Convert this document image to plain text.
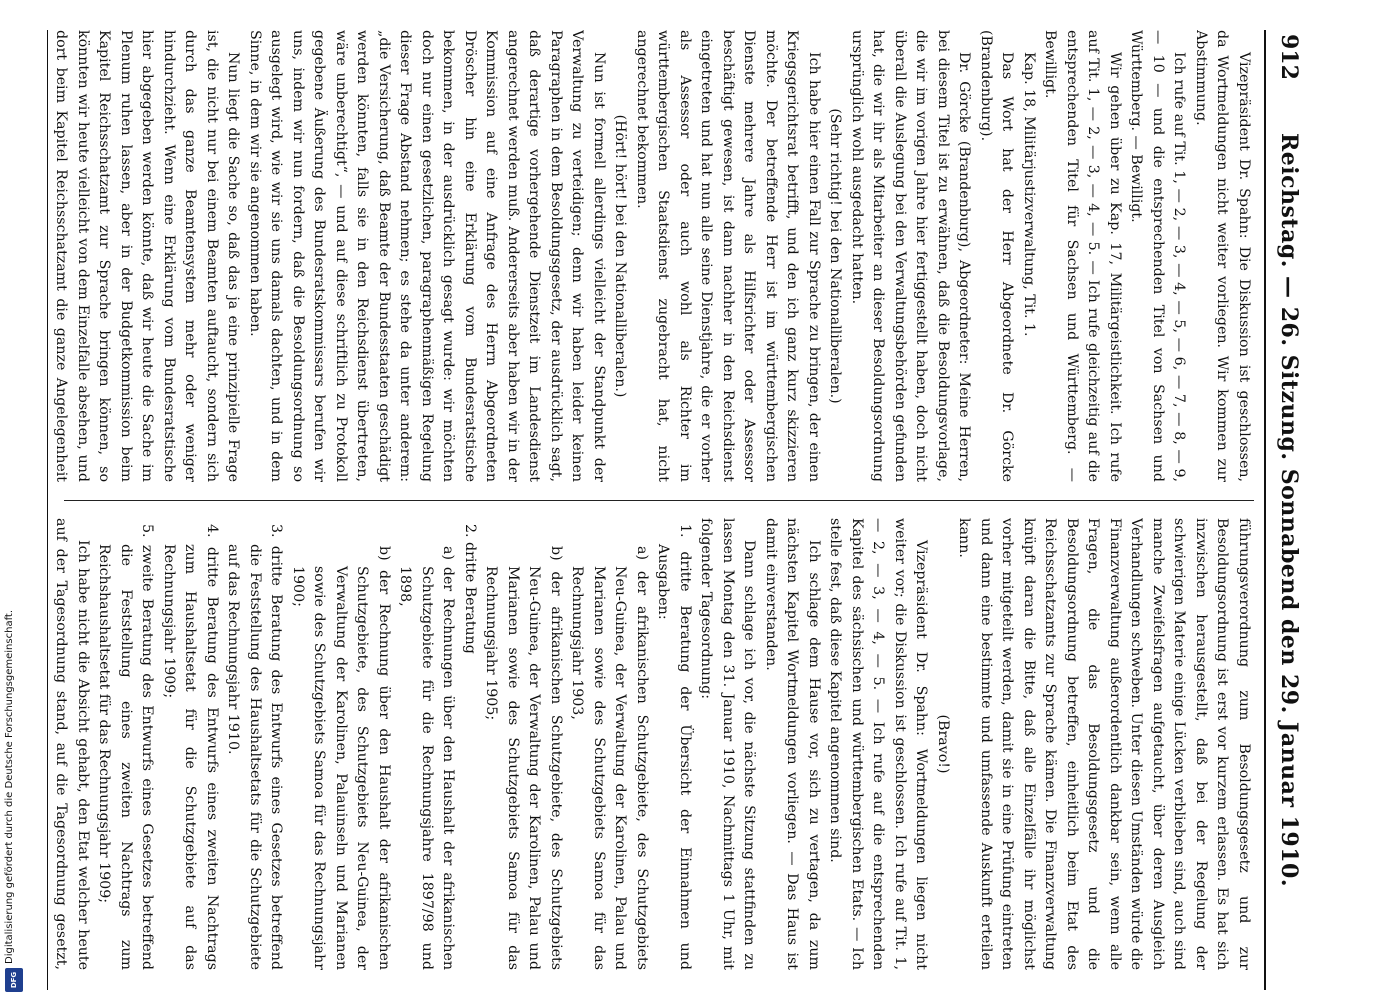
912
Reichstag. — 26. Sitzung. Sonnabend den 29. Januar 1910.

Vizepräsident Dr. Spahn: Die Diskussion ist geschlossen, da Wortmeldungen nicht weiter vorliegen. Wir kommen zur Abstimmung.

Ich rufe auf Tit. 1, — 2, — 3, — 4, — 5, — 6, — 7, — 8, — 9, — 10 — und die entsprechenden Titel von Sachsen und Württemberg. — Bewilligt.

Wir gehen über zu Kap. 17, Militärgeistlichkeit. Ich rufe auf Tit. 1, — 2, — 3, — 4, — 5. — Ich rufe gleichzeitig auf die entsprechenden Titel für Sachsen und Württemberg. — Bewilligt.

Kap. 18, Militärjustizverwaltung, Tit. 1.

Das Wort hat der Herr Abgeordnete Dr. Görcke (Brandenburg).

Dr. Görcke (Brandenburg), Abgeordneter: Meine Herren, bei diesem Titel ist zu erwähnen, daß die Besoldungsvorlage, die wir im vorigen Jahre hier fertiggestellt haben, doch nicht überall die Auslegung bei den Verwaltungsbehörden gefunden hat, die wir ihr als Mitarbeiter an dieser Besoldungsordnung ursprünglich wohl ausgedacht hatten.

(Sehr richtig! bei den Nationalliberalen.)

Ich habe hier einen Fall zur Sprache zu bringen, der einen Kriegsgerichtsrat betrifft, und den ich ganz kurz skizzieren möchte. Der betreffende Herr ist im württembergischen Dienste mehrere Jahre als Hilfsrichter oder Assessor beschäftigt gewesen, ist dann nachher in den Reichsdienst eingetreten und hat nun alle seine Dienstjahre, die er vorher als Assessor oder auch wohl als Richter im württembergischen Staatsdienst zugebracht hat, nicht angerechnet bekommen.

(Hört! hört! bei den Nationalliberalen.)

Nun ist formell allerdings vielleicht der Standpunkt der Verwaltung zu verteidigen; denn wir haben leider keinen Paragraphen in dem Besoldungsgesetz, der ausdrücklich sagt, daß derartige vorhergehende Dienstzeit im Landesdienst angerechnet werden muß. Andererseits aber haben wir in der Kommission auf eine Anfrage des Herrn Abgeordneten Dröscher hin eine Erklärung vom Bundesratstische bekommen, in der ausdrücklich gesagt wurde: wir möchten doch nur einen gesetzlichen, paragraphenmäßigen Regelung dieser Frage Abstand nehmen; es stehe da unter anderem: „die Versicherung, daß Beamte der Bundesstaaten geschädigt werden könnten, falls sie in den Reichsdienst übertreten, wäre unberechtigt“, — und auf diese schriftlich zu Protokoll gegebene Äußerung des Bundesratskommissars berufen wir uns, indem wir nun fordern, daß die Besoldungsordnung so ausgelegt wird, wie wir sie uns damals dachten, und in dem Sinne, in dem wir sie angenommen haben.

Nun liegt die Sache so, daß das ja eine prinzipielle Frage ist, die nicht nur bei einem Beamten auftaucht, sondern sich durch das ganze Beamtensystem mehr oder weniger hindurchzieht. Wenn eine Erklärung vom Bundesratstische hier abgegeben werden könnte, daß wir heute die Sache im Plenum ruhen lassen, aber in der Budgetkommission beim Kapitel Reichsschatzamt zur Sprache bringen können, so könnten wir heute vielleicht von dem Einzelfalle absehen, und dort beim Kapitel Reichsschatzamt die ganze Angelegenheit

führungsverordnung zum Besoldungsgesetz und zur Besoldungsordnung ist erst vor kurzem erlassen. Es hat sich inzwischen herausgestellt, daß bei der Regelung der schwierigen Materie einige Lücken verblieben sind, auch sind manche Zweifelsfragen aufgetaucht, über deren Ausgleich Verhandlungen schweben. Unter diesen Umständen würde die Finanzverwaltung außerordentlich dankbar sein, wenn alle Fragen, die das Besoldungsgesetz und die Besoldungsordnung betreffen, einheitlich beim Etat des Reichsschatzamts zur Sprache kämen. Die Finanzverwaltung knüpft daran die Bitte, daß alle Einzelfälle ihr möglichst vorher mitgeteilt werden, damit sie in eine Prüfung eintreten und dann eine bestimmte und umfassende Auskunft erteilen kann.

(Bravo!)

Vizepräsident Dr. Spahn: Wortmeldungen liegen nicht weiter vor; die Diskussion ist geschlossen. Ich rufe auf Tit. 1, — 2, — 3, — 4, — 5. — Ich rufe auf die entsprechenden Kapitel des sächsischen und württembergischen Etats. — Ich stelle fest, daß diese Kapitel angenommen sind.

Ich schlage dem Hause vor, sich zu vertagen, da zum nächsten Kapitel Wortmeldungen vorliegen. — Das Haus ist damit einverstanden.

Dann schlage ich vor, die nächste Sitzung stattfinden zu lassen Montag den 31. Januar 1910, Nachmittags 1 Uhr, mit folgender Tagesordnung:

1. dritte Beratung der Übersicht der Einnahmen und Ausgaben:

a) der afrikanischen Schutzgebiete, des Schutzgebiets Neu-Guinea, der Verwaltung der Karolinen, Palau und Marianen sowie des Schutzgebiets Samoa für das Rechnungsjahr 1903,

b) der afrikanischen Schutzgebiete, des Schutzgebiets Neu-Guinea, der Verwaltung der Karolinen, Palau und Marianen sowie des Schutzgebiets Samoa für das Rechnungsjahr 1905;

2. dritte Beratung

a) der Rechnungen über den Haushalt der afrikanischen Schutzgebiete für die Rechnungsjahre 1897/98 und 1898,

b) der Rechnung über den Haushalt der afrikanischen Schutzgebiete, des Schutzgebiets Neu-Guinea, der Verwaltung der Karolinen, Palauinseln und Marianen sowie des Schutzgebiets Samoa für das Rechnungsjahr 1900;

3. dritte Beratung des Entwurfs eines Gesetzes betreffend die Feststellung des Haushaltsetats für die Schutzgebiete auf das Rechnungsjahr 1910.

4. dritte Beratung des Entwurfs eines zweiten Nachtrags zum Haushaltsetat für die Schutzgebiete auf das Rechnungsjahr 1909;

5. zweite Beratung des Entwurfs eines Gesetzes betreffend die Feststellung eines zweiten Nachtrags zum Reichshaushaltsetat für das Rechnungsjahr 1909;

Ich habe nicht die Absicht gehabt, den Etat welcher heute auf der Tagesordnung stand, auf die Tagesordnung gesetzt,

Digitalisierung gefördert durch die Deutsche Forschungsgemeinschaft.
DFG
